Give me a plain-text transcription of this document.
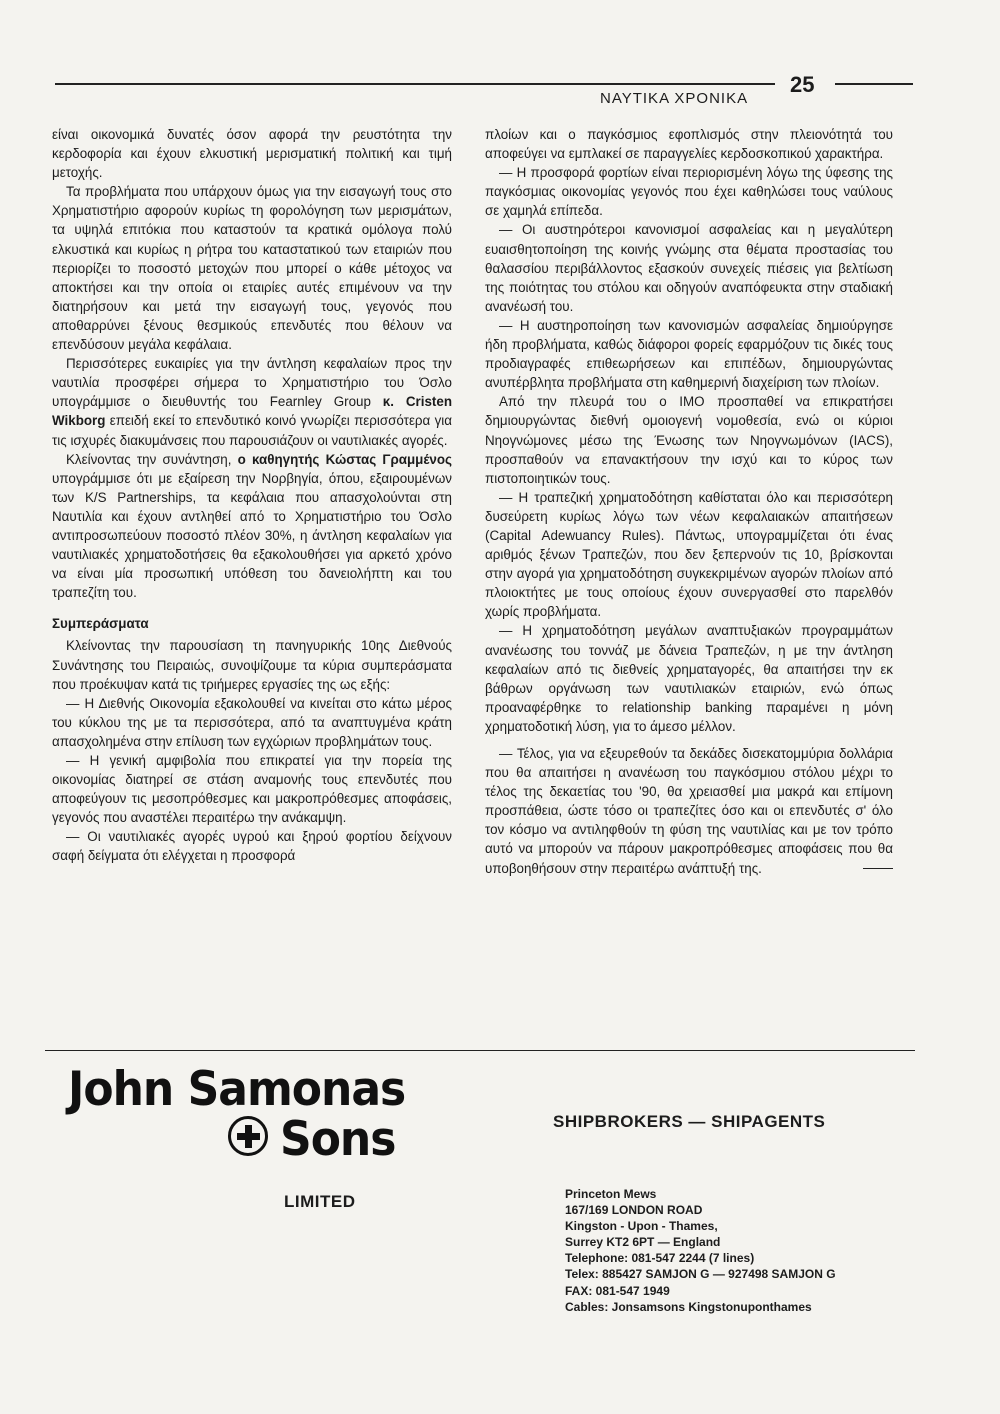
ΝΑΥΤΙΚΑ ΧΡΟΝΙΚΑ
25

είναι οικονομικά δυνατές όσον αφορά την ρευστότητα την κερδοφορία και έχουν ελκυστική μερισματική πολιτική και τιμή μετοχής.

Τα προβλήματα που υπάρχουν όμως για την εισαγωγή τους στο Χρηματιστήριο αφορούν κυρίως τη φορολόγηση των μερισμάτων, τα υψηλά επιτόκια που καταστούν τα κρατικά ομόλογα πολύ ελκυστικά και κυρίως η ρήτρα του καταστατικού των εταιριών που περιορίζει το ποσοστό μετοχών που μπορεί ο κάθε μέτοχος να αποκτήσει και την οποία οι εταιρίες αυτές επιμένουν να την διατηρήσουν και μετά την εισαγωγή τους, γεγονός που αποθαρρύνει ξένους θεσμικούς επενδυτές που θέλουν να επενδύσουν μεγάλα κεφάλαια.

Περισσότερες ευκαιρίες για την άντληση κεφαλαίων προς την ναυτιλία προσφέρει σήμερα το Χρηματιστήριο του Όσλο υπογράμμισε ο διευθυντής του Fearnley Group κ. Cristen Wikborg επειδή εκεί το επενδυτικό κοινό γνωρίζει περισσότερα για τις ισχυρές διακυμάνσεις που παρουσιάζουν οι ναυτιλιακές αγορές.

Κλείνοντας την συνάντηση, ο καθηγητής Κώστας Γραμμένος υπογράμμισε ότι με εξαίρεση την Νορβηγία, όπου, εξαιρουμένων των K/S Partnerships, τα κεφάλαια που απασχολούνται στη Ναυτιλία και έχουν αντληθεί από το Χρηματιστήριο του Όσλο αντιπροσωπεύουν ποσοστό πλέον 30%, η άντληση κεφαλαίων για ναυτιλιακές χρηματοδοτήσεις θα εξακολουθήσει για αρκετό χρόνο να είναι μία προσωπική υπόθεση του δανειολήπτη και του τραπεζίτη του.

Συμπεράσματα

Κλείνοντας την παρουσίαση τη πανηγυρικής 10ης Διεθνούς Συνάντησης του Πειραιώς, συνοψίζουμε τα κύρια συμπεράσματα που προέκυψαν κατά τις τριήμερες εργασίες της ως εξής:

— Η Διεθνής Οικονομία εξακολουθεί να κινείται στο κάτω μέρος του κύκλου της με τα περισσότερα, από τα αναπτυγμένα κράτη απασχολημένα στην επίλυση των εγχώριων προβλημάτων τους.

— Η γενική αμφιβολία που επικρατεί για την πορεία της οικονομίας διατηρεί σε στάση αναμονής τους επενδυτές που αποφεύγουν τις μεσοπρόθεσμες και μακροπρόθεσμες αποφάσεις, γεγονός που αναστέλει περαιτέρω την ανάκαμψη.

— Οι ναυτιλιακές αγορές υγρού και ξηρού φορτίου δείχνουν σαφή δείγματα ότι ελέγχεται η προσφορά

πλοίων και ο παγκόσμιος εφοπλισμός στην πλειονότητά του αποφεύγει να εμπλακεί σε παραγγελίες κερδοσκοπικού χαρακτήρα.

— Η προσφορά φορτίων είναι περιορισμένη λόγω της ύφεσης της παγκόσμιας οικονομίας γεγονός που έχει καθηλώσει τους ναύλους σε χαμηλά επίπεδα.

— Οι αυστηρότεροι κανονισμοί ασφαλείας και η μεγαλύτερη ευαισθητοποίηση της κοινής γνώμης στα θέματα προστασίας του θαλασσίου περιβάλλοντος εξασκούν συνεχείς πιέσεις για βελτίωση της ποιότητας του στόλου και οδηγούν αναπόφευκτα στην σταδιακή ανανέωσή του.

— Η αυστηροποίηση των κανονισμών ασφαλείας δημιούργησε ήδη προβλήματα, καθώς διάφοροι φορείς εφαρμόζουν τις δικές τους προδιαγραφές επιθεωρήσεων και επιπέδων, δημιουργώντας ανυπέρβλητα προβλήματα στη καθημερινή διαχείριση των πλοίων.

Από την πλευρά του ο ΙΜΟ προσπαθεί να επικρατήσει δημιουργώντας διεθνή ομοιογενή νομοθεσία, ενώ οι κύριοι Νηογνώμονες μέσω της Ένωσης των Νηογνωμόνων (IACS), προσπαθούν να επανακτήσουν την ισχύ και το κύρος των πιστοποιητικών τους.

— Η τραπεζική χρηματοδότηση καθίσταται όλο και περισσότερη δυσεύρετη κυρίως λόγω των νέων κεφαλαιακών απαιτήσεων (Capital Adewuancy Rules). Πάντως, υπογραμμίζεται ότι ένας αριθμός ξένων Τραπεζών, που δεν ξεπερνούν τις 10, βρίσκονται στην αγορά για χρηματοδότηση συγκεκριμένων αγορών πλοίων από πλοιοκτήτες με τους οποίους έχουν συνεργασθεί στο παρελθόν χωρίς προβλήματα.

— Η χρηματοδότηση μεγάλων αναπτυξιακών προγραμμάτων ανανέωσης του τοννάζ με δάνεια Τραπεζών, η με την άντληση κεφαλαίων από τις διεθνείς χρηματαγορές, θα απαιτήσει την εκ βάθρων οργάνωση των ναυτιλιακών εταιριών, ενώ όπως προαναφέρθηκε το relationship banking παραμένει η μόνη χρηματοδοτική λύση, για το άμεσο μέλλον.

— Τέλος, για να εξευρεθούν τα δεκάδες δισεκατομμύρια δολλάρια που θα απαιτήσει η ανανέωση του παγκόσμιου στόλου μέχρι το τέλος της δεκαετίας του '90, θα χρειασθεί μια μακρά και επίμονη προσπάθεια, ώστε τόσο οι τραπεζίτες όσο και οι επενδυτές σ' όλο τον κόσμο να αντιληφθούν τη φύση της ναυτιλίας και με τον τρόπο αυτό να μπορούν να πάρουν μακροπρόθεσμες αποφάσεις που θα υποβοηθήσουν στην περαιτέρω ανάπτυξή της.

John Samonas
Sons
LIMITED
SHIPBROKERS — SHIPAGENTS
Princeton Mews
167/169 LONDON ROAD
Kingston - Upon - Thames,
Surrey KT2 6PT — England
Telephone: 081-547 2244 (7 lines)
Telex: 885427 SAMJON G — 927498 SAMJON G
FAX: 081-547 1949
Cables: Jonsamsons Kingstonuponthames
